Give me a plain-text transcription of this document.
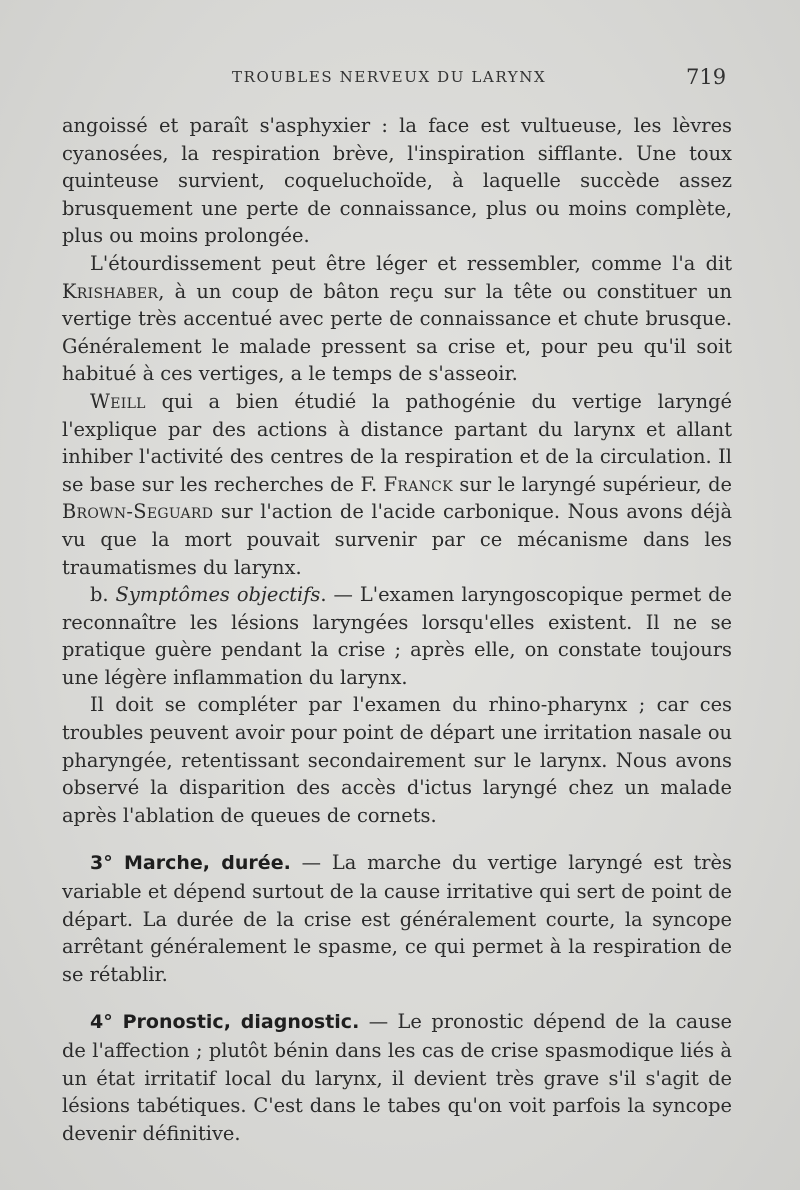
TROUBLES NERVEUX DU LARYNX	719

angoissé et paraît s'asphyxier : la face est vultueuse, les lèvres cyanosées, la respiration brève, l'inspiration sifflante. Une toux quinteuse survient, coqueluchoïde, à laquelle succède assez brusquement une perte de connaissance, plus ou moins complète, plus ou moins prolongée.

L'étourdissement peut être léger et ressembler, comme l'a dit Krishaber, à un coup de bâton reçu sur la tête ou constituer un vertige très accentué avec perte de connaissance et chute brusque. Généralement le malade pressent sa crise et, pour peu qu'il soit habitué à ces vertiges, a le temps de s'asseoir.

Weill qui a bien étudié la pathogénie du vertige laryngé l'explique par des actions à distance partant du larynx et allant inhiber l'activité des centres de la respiration et de la circulation. Il se base sur les recherches de F. Franck sur le laryngé supérieur, de Brown-Seguard sur l'action de l'acide carbonique. Nous avons déjà vu que la mort pouvait survenir par ce mécanisme dans les traumatismes du larynx.

b. Symptômes objectifs. — L'examen laryngoscopique permet de reconnaître les lésions laryngées lorsqu'elles existent. Il ne se pratique guère pendant la crise ; après elle, on constate toujours une légère inflammation du larynx.

Il doit se compléter par l'examen du rhino-pharynx ; car ces troubles peuvent avoir pour point de départ une irritation nasale ou pharyngée, retentissant secondairement sur le larynx. Nous avons observé la disparition des accès d'ictus laryngé chez un malade après l'ablation de queues de cornets.

3° Marche, durée. — La marche du vertige laryngé est très variable et dépend surtout de la cause irritative qui sert de point de départ. La durée de la crise est généralement courte, la syncope arrêtant généralement le spasme, ce qui permet à la respiration de se rétablir.

4° Pronostic, diagnostic. — Le pronostic dépend de la cause de l'affection ; plutôt bénin dans les cas de crise spasmodique liés à un état irritatif local du larynx, il devient très grave s'il s'agit de lésions tabétiques. C'est dans le tabes qu'on voit parfois la syncope devenir définitive.
